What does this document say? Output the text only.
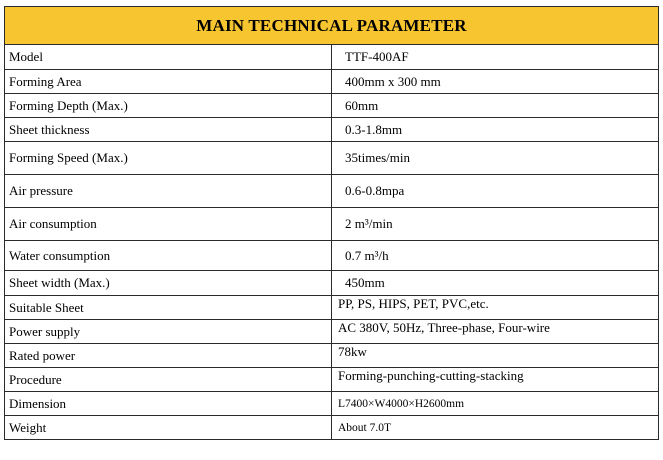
MAIN TECHNICAL PARAMETER	
Model	TTF-400AF
Forming Area	400mm x 300 mm
Forming Depth (Max.)	60mm
Sheet thickness	0.3-1.8mm
Forming Speed (Max.)	35times/min
Air pressure	0.6-0.8mpa
Air consumption	2 m³/min
Water consumption	0.7 m³/h
Sheet width (Max.)	450mm
Suitable Sheet	PP, PS, HIPS, PET, PVC,etc.
Power supply	AC 380V, 50Hz, Three-phase, Four-wire
Rated power	78kw
Procedure	Forming-punching-cutting-stacking
Dimension	L7400×W4000×H2600mm
Weight	About 7.0T
